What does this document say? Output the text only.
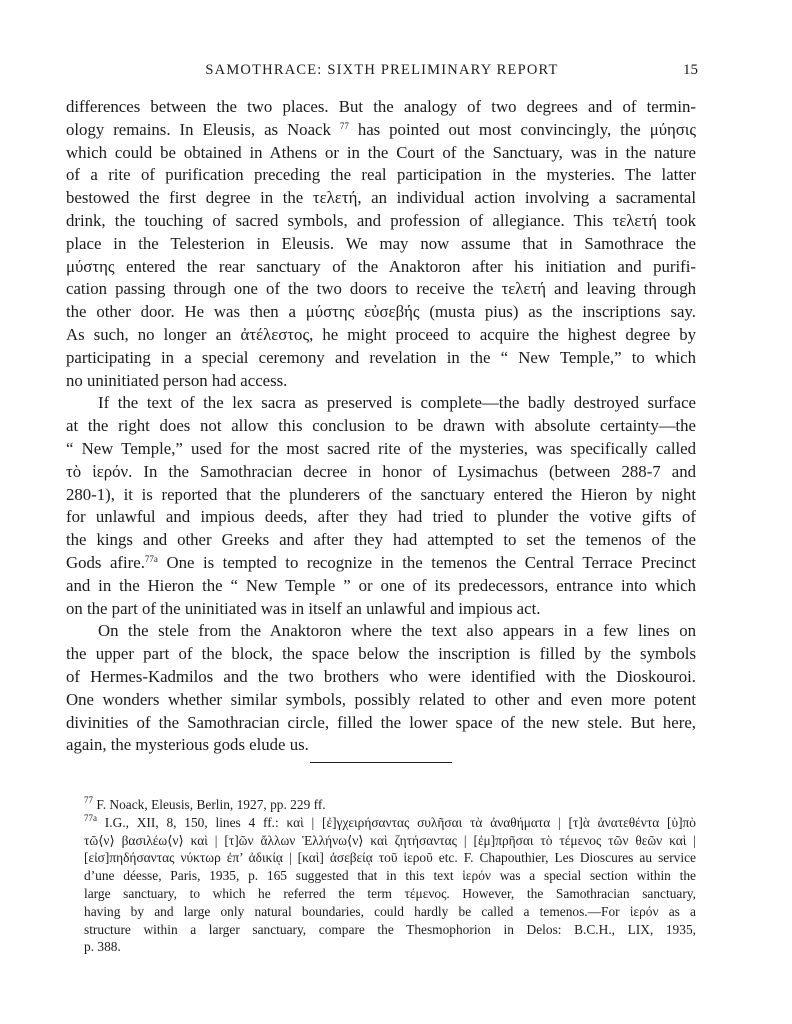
SAMOTHRACE: SIXTH PRELIMINARY REPORT	15

differences between the two places. But the analogy of two degrees and of termin-
ology remains. In Eleusis, as Noack $^{77}$ has pointed out most convincingly, the μύησις
which could be obtained in Athens or in the Court of the Sanctuary, was in the nature
of a rite of purification preceding the real participation in the mysteries. The latter
bestowed the first degree in the τελετή, an individual action involving a sacramental
drink, the touching of sacred symbols, and profession of allegiance. This τελετή took
place in the Telesterion in Eleusis. We may now assume that in Samothrace the
μύστης entered the rear sanctuary of the Anaktoron after his initiation and purifi-
cation passing through one of the two doors to receive the τελετή and leaving through
the other door. He was then a μύστης εὐσεβής (musta pius) as the inscriptions say.
As such, no longer an ἀτέλεστος, he might proceed to acquire the highest degree by
participating in a special ceremony and revelation in the “ New Temple,” to which
no uninitiated person had access.

If the text of the lex sacra as preserved is complete—the badly destroyed surface
at the right does not allow this conclusion to be drawn with absolute certainty—the
“ New Temple,” used for the most sacred rite of the mysteries, was specifically called
τὸ ἱερόν. In the Samothracian decree in honor of Lysimachus (between 288-7 and
280-1), it is reported that the plunderers of the sanctuary entered the Hieron by night
for unlawful and impious deeds, after they had tried to plunder the votive gifts of
the kings and other Greeks and after they had attempted to set the temenos of the
Gods afire.$^{77a}$ One is tempted to recognize in the temenos the Central Terrace Precinct
and in the Hieron the “ New Temple ” or one of its predecessors, entrance into which
on the part of the uninitiated was in itself an unlawful and impious act.

On the stele from the Anaktoron where the text also appears in a few lines on
the upper part of the block, the space below the inscription is filled by the symbols
of Hermes-Kadmilos and the two brothers who were identified with the Dioskouroi.
One wonders whether similar symbols, possibly related to other and even more potent
divinities of the Samothracian circle, filled the lower space of the new stele. But here,
again, the mysterious gods elude us.

$^{77}$ F. Noack, Eleusis, Berlin, 1927, pp. 229 ff.
$^{77a}$ I.G., XII, 8, 150, lines 4 ff.: καὶ | [ἐ]γχειρήσαντας συλῆσαι τὰ ἀναθήματα | [τ]ὰ ἀνατεθέντα [ὑ]πὸ
τῶ⟨ν⟩ βασιλέω⟨ν⟩ καὶ | [τ]ῶν ἄλλων Ἑλλήνω⟨ν⟩ καὶ ζητήσαντας | [ἐμ]πρῆσαι τὸ τέμενος τῶν θεῶν καὶ |
[εἰσ]πηδήσαντας νύκτωρ ἐπ’ ἀδικίᾳ | [καὶ] ἀσεβείᾳ τοῦ ἱεροῦ etc. F. Chapouthier, Les Dioscures au service
d’une déesse, Paris, 1935, p. 165 suggested that in this text ἱερόν was a special section within the
large sanctuary, to which he referred the term τέμενος. However, the Samothracian sanctuary,
having by and large only natural boundaries, could hardly be called a temenos.—For ἱερόν as a
structure within a larger sanctuary, compare the Thesmophorion in Delos: B.C.H., LIX, 1935,
p. 388.
